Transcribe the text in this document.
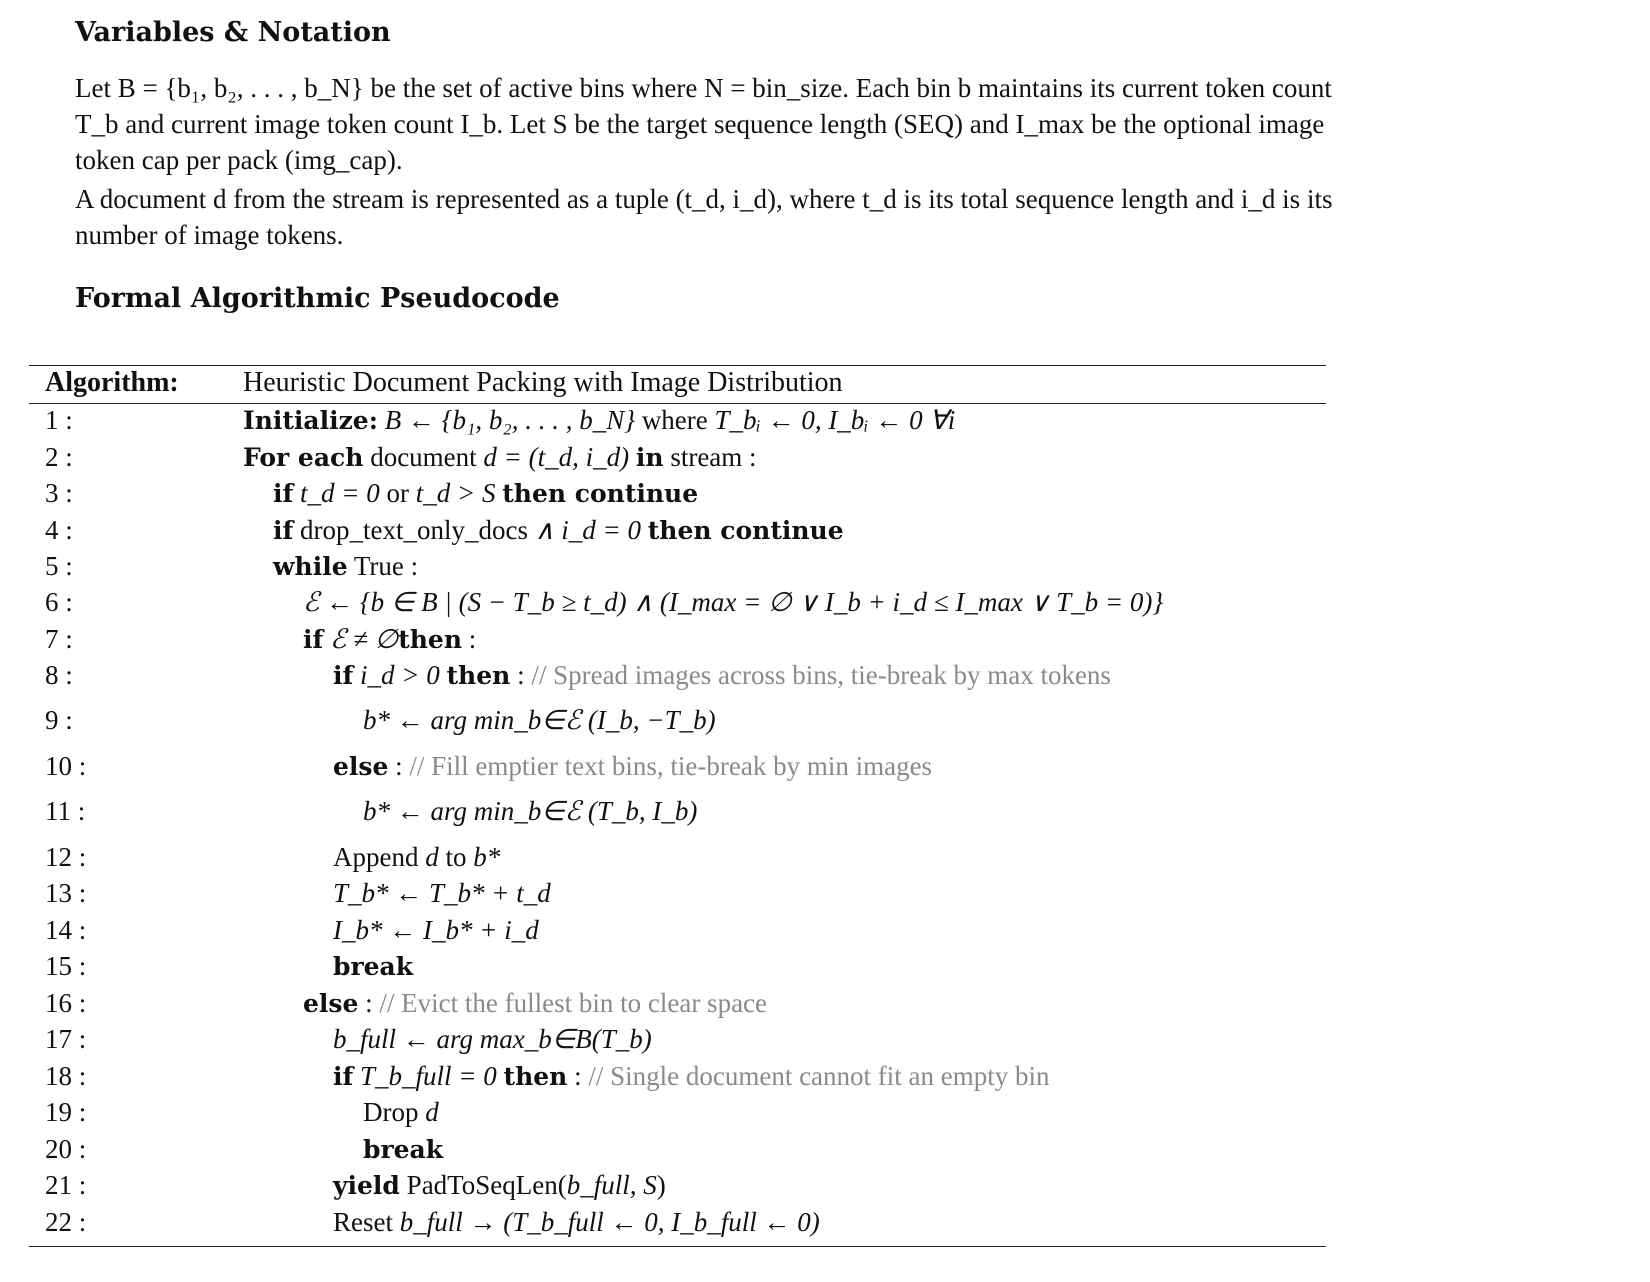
Variables & Notation
Let B = {b₁, b₂, . . . , b_N} be the set of active bins where N = bin_size. Each bin b maintains its current token count
T_b and current image token count I_b. Let S be the target sequence length (SEQ) and I_max be the optional image
token cap per pack (img_cap).
A document d from the stream is represented as a tuple (t_d, i_d), where t_d is its total sequence length and i_d is its
number of image tokens.
Formal Algorithmic Pseudocode
Algorithm: Heuristic Document Packing with Image Distribution
1 :	Initialize: B ← {b₁, b₂, . . . , b_N} where T_bᵢ ← 0, I_bᵢ ← 0 ∀i
2 :	For each document d = (t_d, i_d) in stream :
3 :	if t_d = 0 or t_d > S then continue
4 :	if drop_text_only_docs ∧ i_d = 0 then continue
5 :	while True :
6 :	ℰ ← {b ∈ B | (S − T_b ≥ t_d) ∧ (I_max = ∅ ∨ I_b + i_d ≤ I_max ∨ T_b = 0)}
7 :	if ℰ ≠ ∅then :
8 :	if i_d > 0 then : // Spread images across bins, tie-break by max tokens
9 :	b* ← arg min_b∈ℰ (I_b, −T_b)
10 :	else : // Fill emptier text bins, tie-break by min images
11 :	b* ← arg min_b∈ℰ (T_b, I_b)
12 :	Append d to b*
13 :	T_b* ← T_b* + t_d
14 :	I_b* ← I_b* + i_d
15 :	break
16 :	else : // Evict the fullest bin to clear space
17 :	b_full ← arg max_b∈B(T_b)
18 :	if T_b_full = 0 then : // Single document cannot fit an empty bin
19 :	Drop d
20 :	break
21 :	yield PadToSeqLen(b_full, S)
22 :	Reset b_full → (T_b_full ← 0, I_b_full ← 0)
